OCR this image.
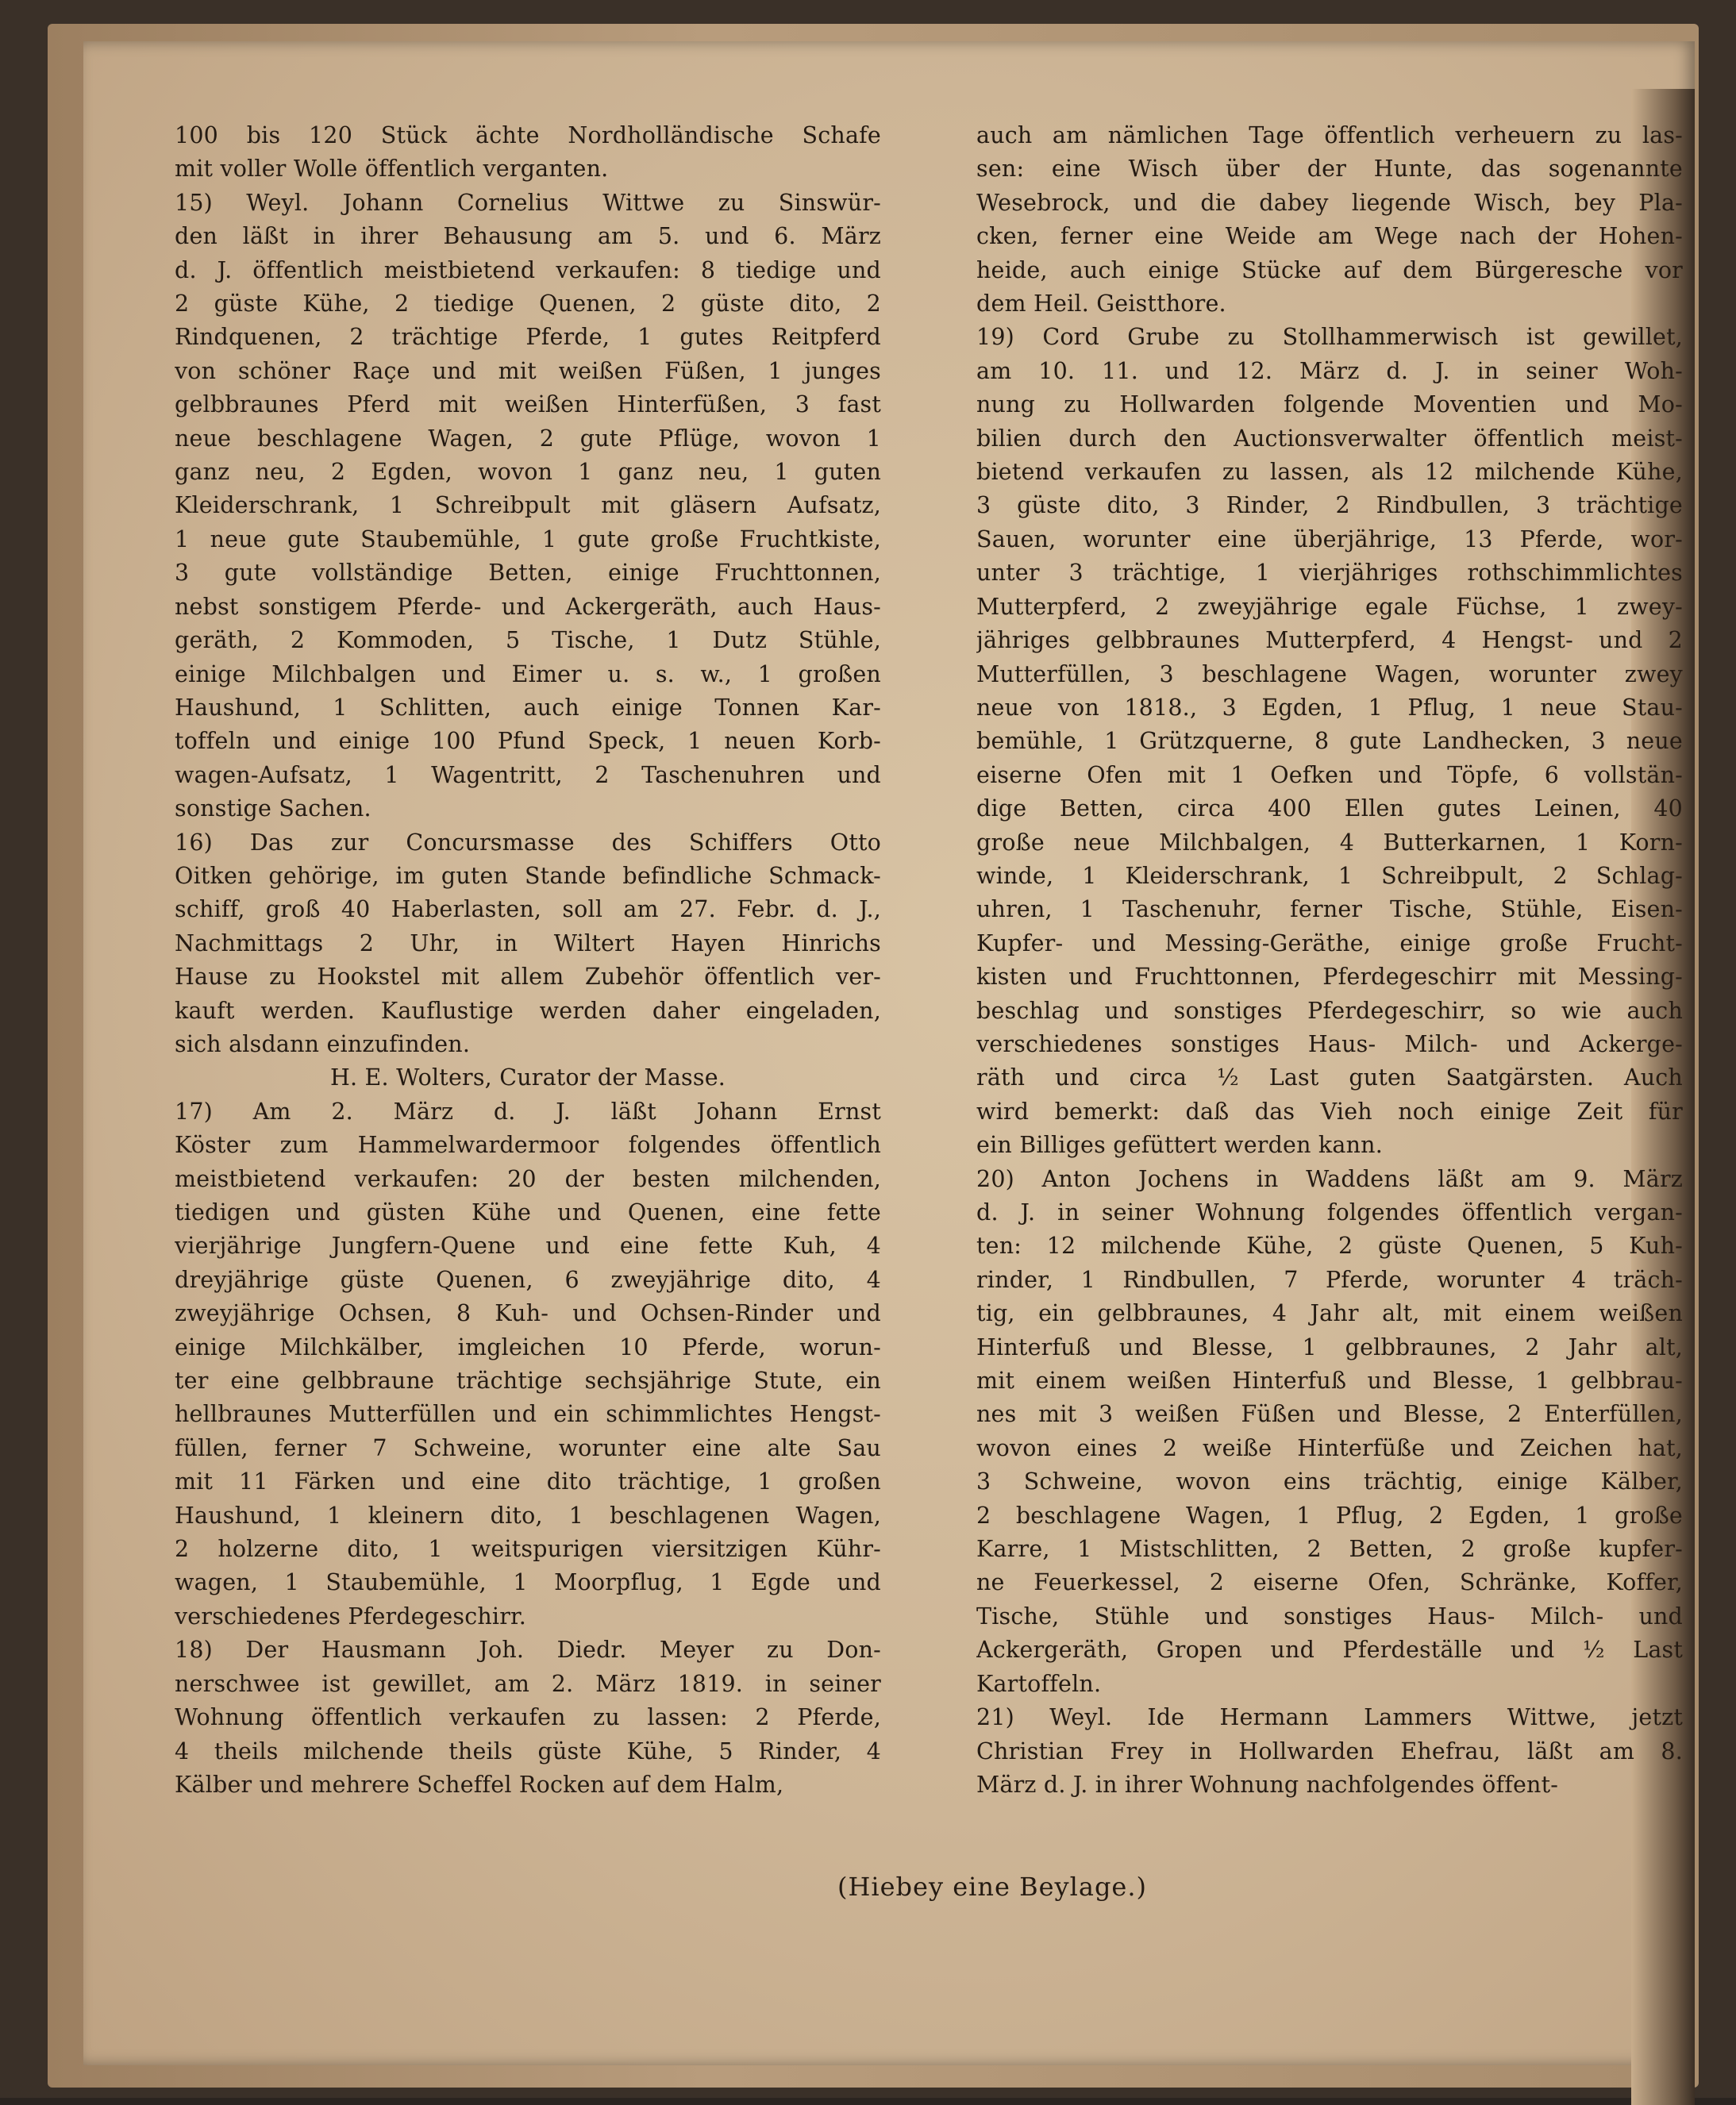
100 bis 120 Stück ächte Nordholländische Schafe
mit voller Wolle öffentlich verganten.
15) Weyl. Johann Cornelius Wittwe zu Sinswür-
den läßt in ihrer Behausung am 5. und 6. März
d. J. öffentlich meistbietend verkaufen: 8 tiedige und
2 güste Kühe, 2 tiedige Quenen, 2 güste dito, 2
Rindquenen, 2 trächtige Pferde, 1 gutes Reitpferd
von schöner Raçe und mit weißen Füßen, 1 junges
gelbbraunes Pferd mit weißen Hinterfüßen, 3 fast
neue beschlagene Wagen, 2 gute Pflüge, wovon 1
ganz neu, 2 Egden, wovon 1 ganz neu, 1 guten
Kleiderschrank, 1 Schreibpult mit gläsern Aufsatz,
1 neue gute Staubemühle, 1 gute große Fruchtkiste,
3 gute vollständige Betten, einige Fruchttonnen,
nebst sonstigem Pferde- und Ackergeräth, auch Haus-
geräth, 2 Kommoden, 5 Tische, 1 Dutz Stühle,
einige Milchbalgen und Eimer u. s. w., 1 großen
Haushund, 1 Schlitten, auch einige Tonnen Kar-
toffeln und einige 100 Pfund Speck, 1 neuen Korb-
wagen-Aufsatz, 1 Wagentritt, 2 Taschenuhren und
sonstige Sachen.
16) Das zur Concursmasse des Schiffers Otto
Oitken gehörige, im guten Stande befindliche Schmack-
schiff, groß 40 Haberlasten, soll am 27. Febr. d. J.,
Nachmittags 2 Uhr, in Wiltert Hayen Hinrichs
Hause zu Hookstel mit allem Zubehör öffentlich ver-
kauft werden. Kauflustige werden daher eingeladen,
sich alsdann einzufinden.
H. E. Wolters, Curator der Masse.
17) Am 2. März d. J. läßt Johann Ernst
Köster zum Hammelwardermoor folgendes öffentlich
meistbietend verkaufen: 20 der besten milchenden,
tiedigen und güsten Kühe und Quenen, eine fette
vierjährige Jungfern-Quene und eine fette Kuh, 4
dreyjährige güste Quenen, 6 zweyjährige dito, 4
zweyjährige Ochsen, 8 Kuh- und Ochsen-Rinder und
einige Milchkälber, imgleichen 10 Pferde, worun-
ter eine gelbbraune trächtige sechsjährige Stute, ein
hellbraunes Mutterfüllen und ein schimmlichtes Hengst-
füllen, ferner 7 Schweine, worunter eine alte Sau
mit 11 Färken und eine dito trächtige, 1 großen
Haushund, 1 kleinern dito, 1 beschlagenen Wagen,
2 holzerne dito, 1 weitspurigen viersitzigen Kühr-
wagen, 1 Staubemühle, 1 Moorpflug, 1 Egde und
verschiedenes Pferdegeschirr.
18) Der Hausmann Joh. Diedr. Meyer zu Don-
nerschwee ist gewillet, am 2. März 1819. in seiner
Wohnung öffentlich verkaufen zu lassen: 2 Pferde,
4 theils milchende theils güste Kühe, 5 Rinder, 4
Kälber und mehrere Scheffel Rocken auf dem Halm,
auch am nämlichen Tage öffentlich verheuern zu las-
sen: eine Wisch über der Hunte, das sogenannte
Wesebrock, und die dabey liegende Wisch, bey Pla-
cken, ferner eine Weide am Wege nach der Hohen-
heide, auch einige Stücke auf dem Bürgeresche vor
dem Heil. Geistthore.
19) Cord Grube zu Stollhammerwisch ist gewillet,
am 10. 11. und 12. März d. J. in seiner Woh-
nung zu Hollwarden folgende Moventien und Mo-
bilien durch den Auctionsverwalter öffentlich meist-
bietend verkaufen zu lassen, als 12 milchende Kühe,
3 güste dito, 3 Rinder, 2 Rindbullen, 3 trächtige
Sauen, worunter eine überjährige, 13 Pferde, wor-
unter 3 trächtige, 1 vierjähriges rothschimmlichtes
Mutterpferd, 2 zweyjährige egale Füchse, 1 zwey-
jähriges gelbbraunes Mutterpferd, 4 Hengst- und 2
Mutterfüllen, 3 beschlagene Wagen, worunter zwey
neue von 1818., 3 Egden, 1 Pflug, 1 neue Stau-
bemühle, 1 Grützquerne, 8 gute Landhecken, 3 neue
eiserne Ofen mit 1 Oefken und Töpfe, 6 vollstän-
dige Betten, circa 400 Ellen gutes Leinen, 40
große neue Milchbalgen, 4 Butterkarnen, 1 Korn-
winde, 1 Kleiderschrank, 1 Schreibpult, 2 Schlag-
uhren, 1 Taschenuhr, ferner Tische, Stühle, Eisen-
Kupfer- und Messing-Geräthe, einige große Frucht-
kisten und Fruchttonnen, Pferdegeschirr mit Messing-
beschlag und sonstiges Pferdegeschirr, so wie auch
verschiedenes sonstiges Haus- Milch- und Ackerge-
räth und circa ½ Last guten Saatgärsten. Auch
wird bemerkt: daß das Vieh noch einige Zeit für
ein Billiges gefüttert werden kann.
20) Anton Jochens in Waddens läßt am 9. März
d. J. in seiner Wohnung folgendes öffentlich vergan-
ten: 12 milchende Kühe, 2 güste Quenen, 5 Kuh-
rinder, 1 Rindbullen, 7 Pferde, worunter 4 träch-
tig, ein gelbbraunes, 4 Jahr alt, mit einem weißen
Hinterfuß und Blesse, 1 gelbbraunes, 2 Jahr alt,
mit einem weißen Hinterfuß und Blesse, 1 gelbbrau-
nes mit 3 weißen Füßen und Blesse, 2 Enterfüllen,
wovon eines 2 weiße Hinterfüße und Zeichen hat,
3 Schweine, wovon eins trächtig, einige Kälber,
2 beschlagene Wagen, 1 Pflug, 2 Egden, 1 große
Karre, 1 Mistschlitten, 2 Betten, 2 große kupfer-
ne Feuerkessel, 2 eiserne Ofen, Schränke, Koffer,
Tische, Stühle und sonstiges Haus- Milch- und
Ackergeräth, Gropen und Pferdeställe und ½ Last
Kartoffeln.
21) Weyl. Ide Hermann Lammers Wittwe, jetzt
Christian Frey in Hollwarden Ehefrau, läßt am 8.
März d. J. in ihrer Wohnung nachfolgendes öffent-
(Hiebey eine Beylage.)
